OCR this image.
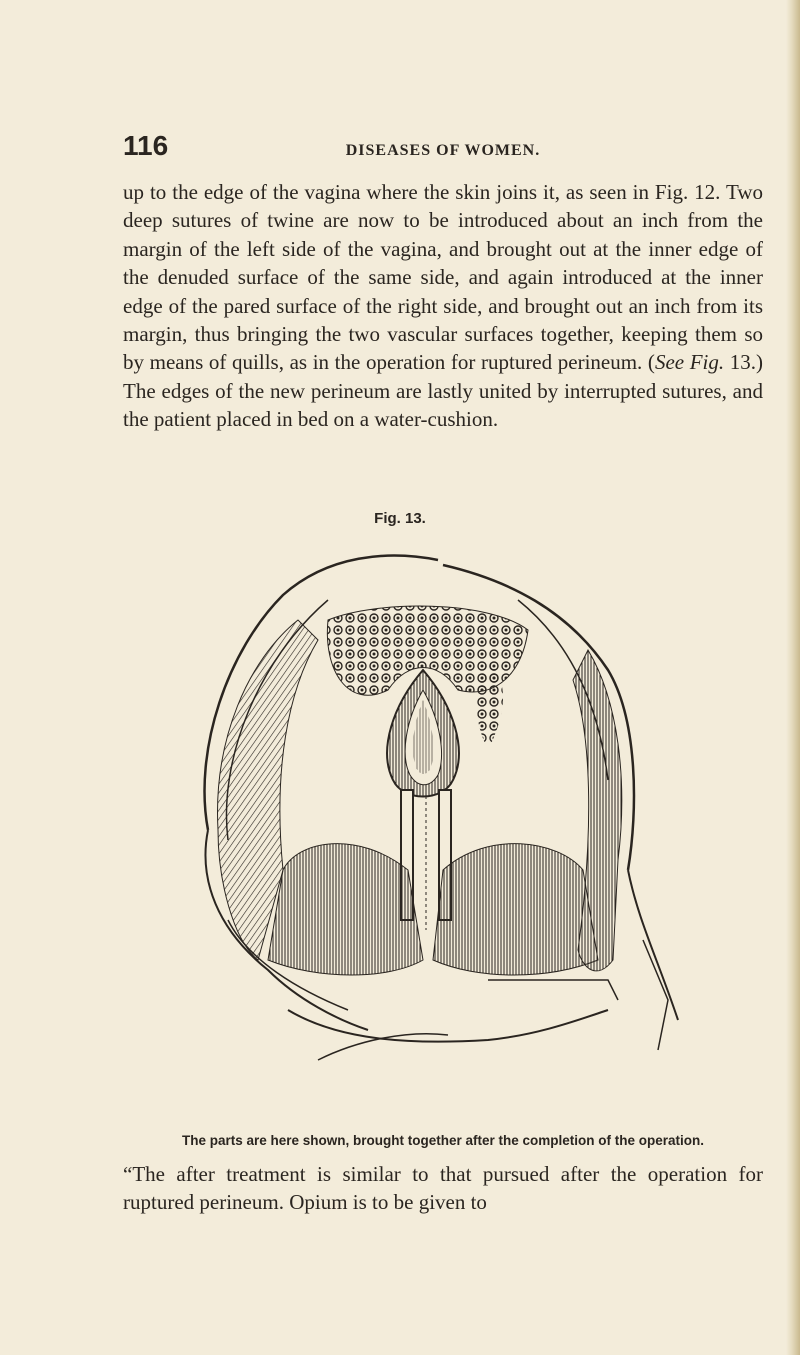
116	DISEASES OF WOMEN.
up to the edge of the vagina where the skin joins it, as seen in Fig. 12. Two deep sutures of twine are now to be introduced about an inch from the margin of the left side of the vagina, and brought out at the inner edge of the denuded surface of the same side, and again introduced at the inner edge of the pared surface of the right side, and brought out an inch from its margin, thus bringing the two vascular surfaces together, keeping them so by means of quills, as in the operation for ruptured perineum. (See Fig. 13.) The edges of the new perineum are lastly united by interrupted sutures, and the patient placed in bed on a water-cushion.
Fig. 13.
The parts are here shown, brought together after the completion of the operation.
“The after treatment is similar to that pursued after the operation for ruptured perineum. Opium is to be given to
